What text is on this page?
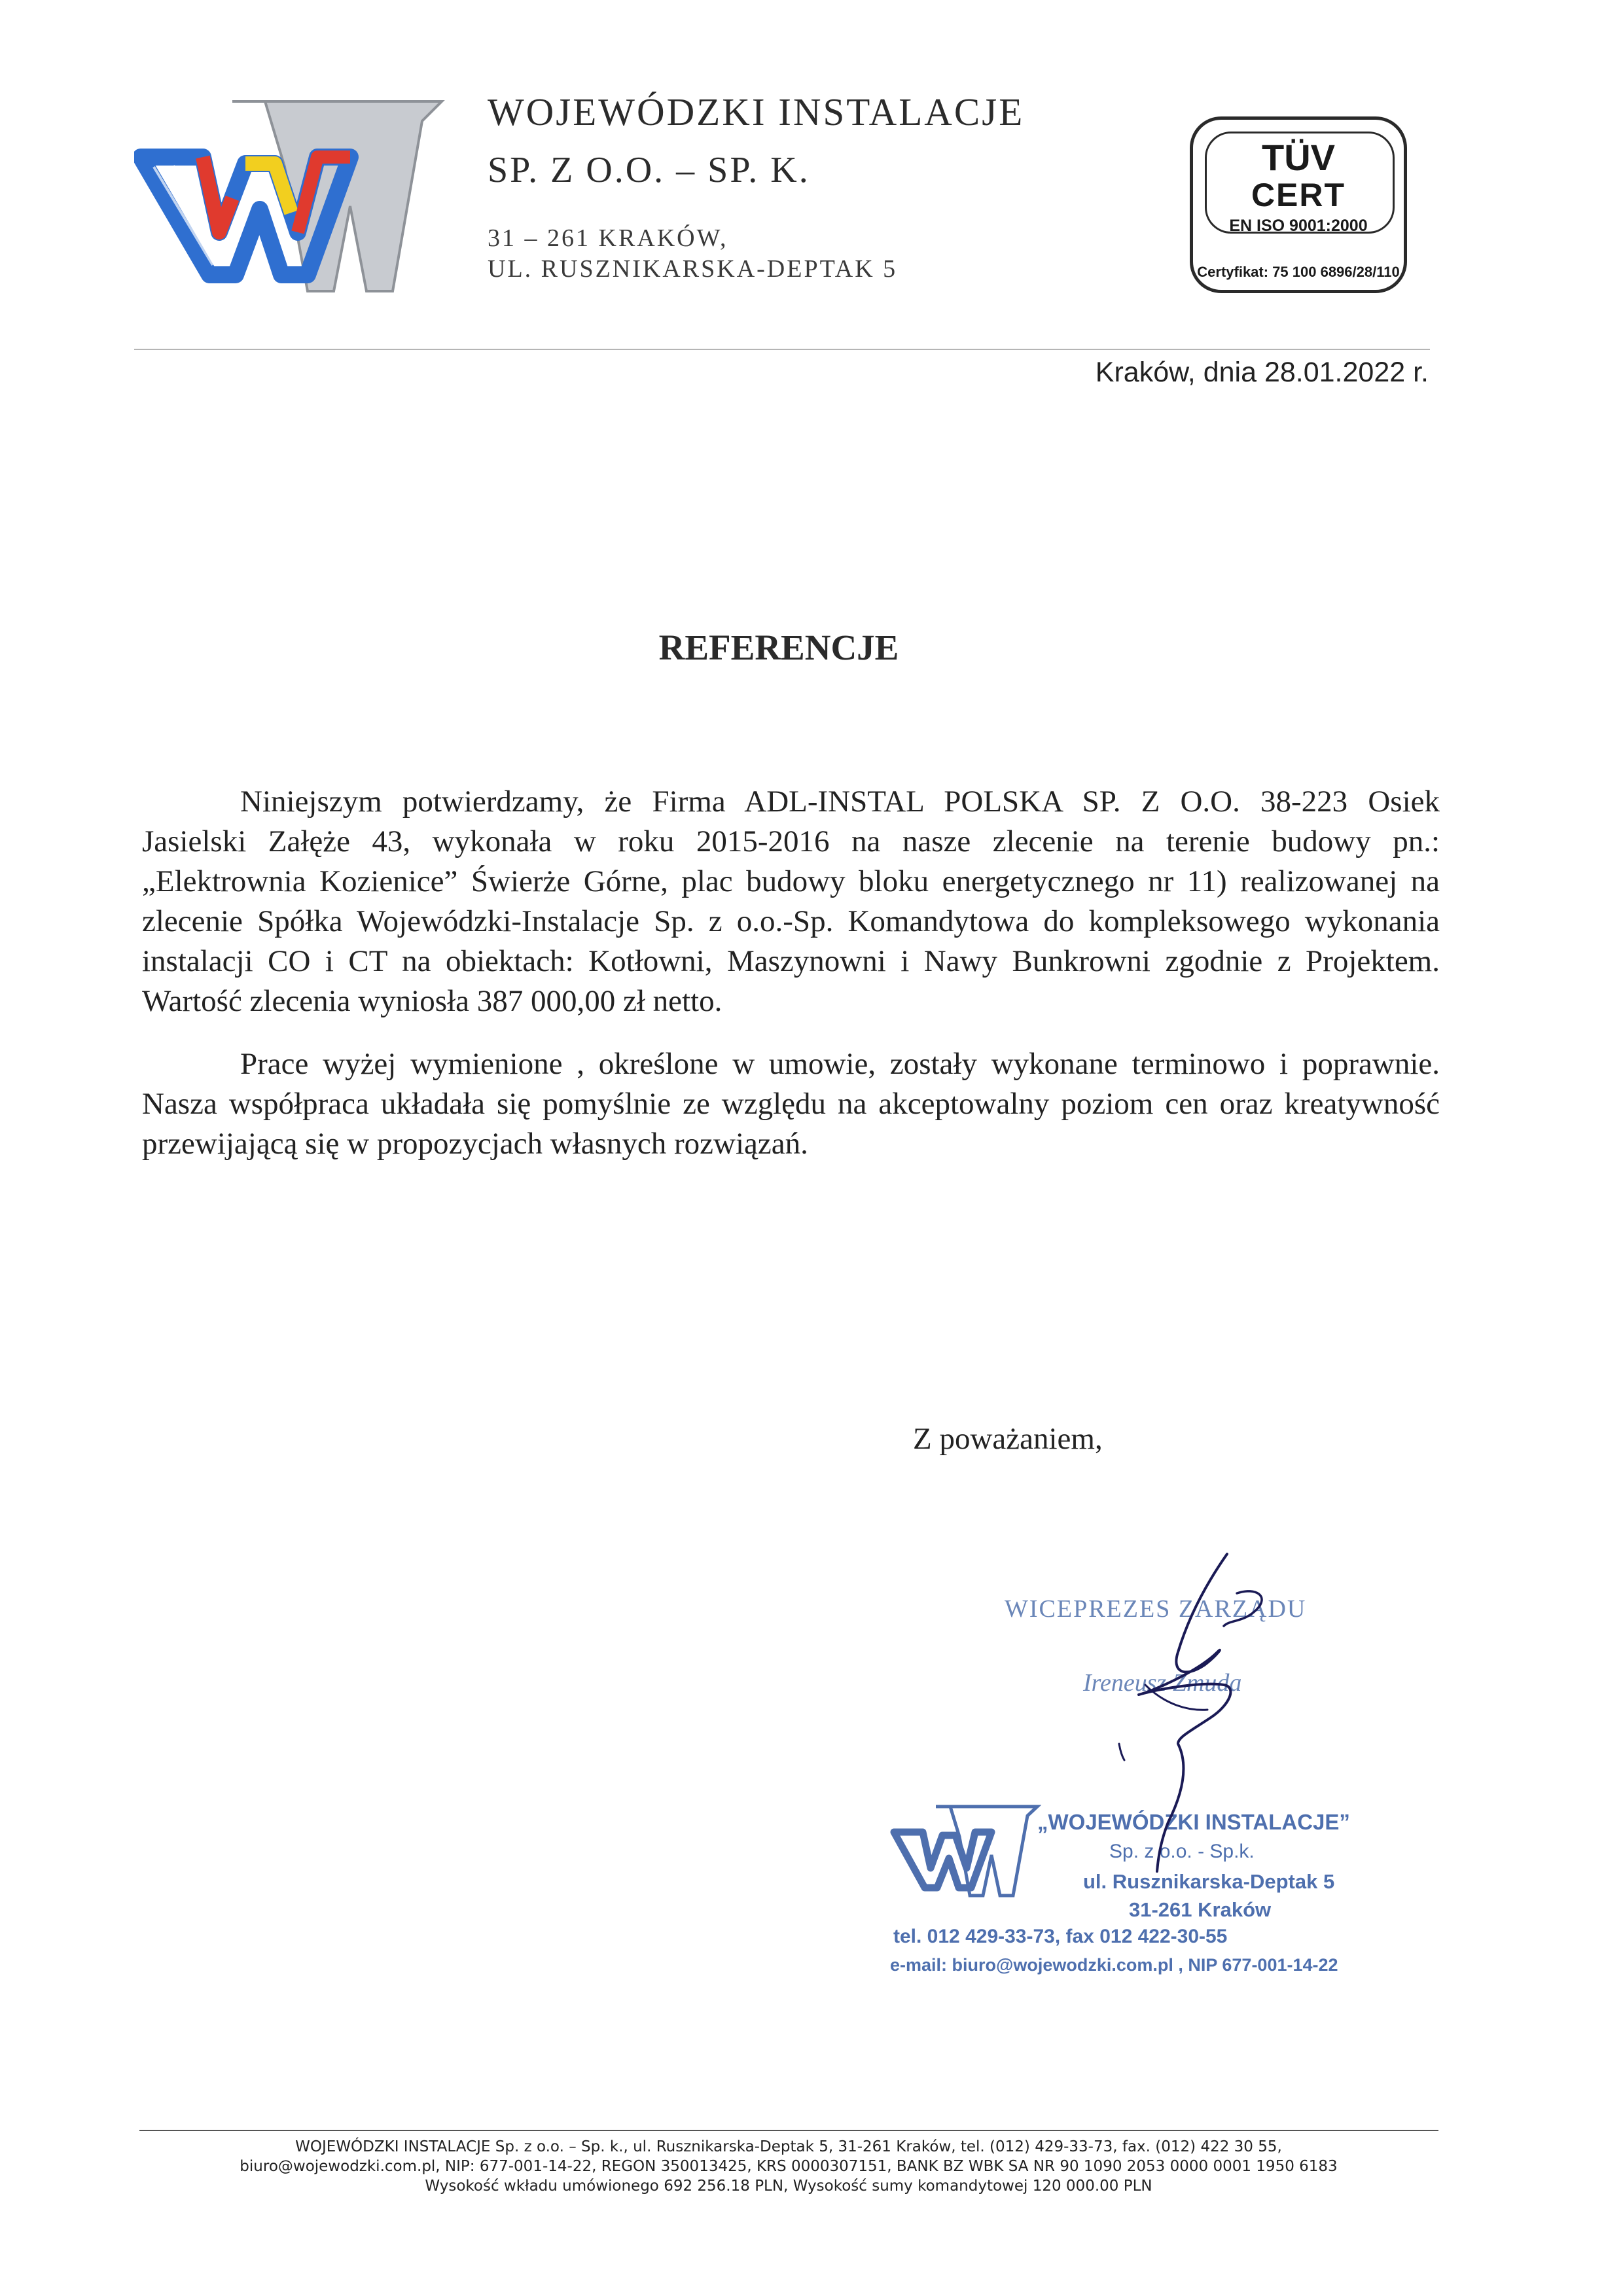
WOJEWÓDZKI INSTALACJE
SP. Z O.O. – SP. K.
31 – 261 KRAKÓW,
UL. RUSZNIKARSKA-DEPTAK 5
TÜV
CERT
EN ISO 9001:2000
Certyfikat: 75 100 6896/28/110
Kraków, dnia 28.01.2022 r.
REFERENCJE
Niniejszym potwierdzamy, że Firma ADL-INSTAL POLSKA SP. Z O.O. 38-223 Osiek
Jasielski Załęże 43, wykonała w roku 2015-2016 na nasze zlecenie na terenie budowy pn.:
„Elektrownia Kozienice” Świerże Górne, plac budowy bloku energetycznego nr 11) realizowanej na
zlecenie Spółka Wojewódzki-Instalacje Sp. z o.o.-Sp. Komandytowa do kompleksowego wykonania
instalacji CO i CT na obiektach: Kotłowni, Maszynowni i Nawy Bunkrowni zgodnie z Projektem.
Wartość zlecenia wyniosła 387 000,00 zł netto.
Prace wyżej wymienione , określone w umowie, zostały wykonane terminowo i poprawnie.
Nasza współpraca układała się pomyślnie ze względu na akceptowalny poziom cen oraz kreatywność
przewijającą się w propozycjach własnych rozwiązań.
Z poważaniem,
WICEPREZES ZARZĄDU
Ireneusz Zmuda
„WOJEWÓDZKI INSTALACJE”
Sp. z o.o. - Sp.k.
ul. Rusznikarska-Deptak 5
31-261 Kraków
tel. 012 429-33-73, fax 012 422-30-55
e-mail: biuro@wojewodzki.com.pl , NIP 677-001-14-22
WOJEWÓDZKI INSTALACJE Sp. z o.o. – Sp. k., ul. Rusznikarska-Deptak 5, 31-261 Kraków, tel. (012) 429-33-73, fax. (012) 422 30 55,
biuro@wojewodzki.com.pl, NIP: 677-001-14-22, REGON 350013425, KRS 0000307151, BANK BZ WBK SA NR 90 1090 2053 0000 0001 1950 6183
Wysokość wkładu umówionego 692 256.18 PLN, Wysokość sumy komandytowej 120 000.00 PLN
